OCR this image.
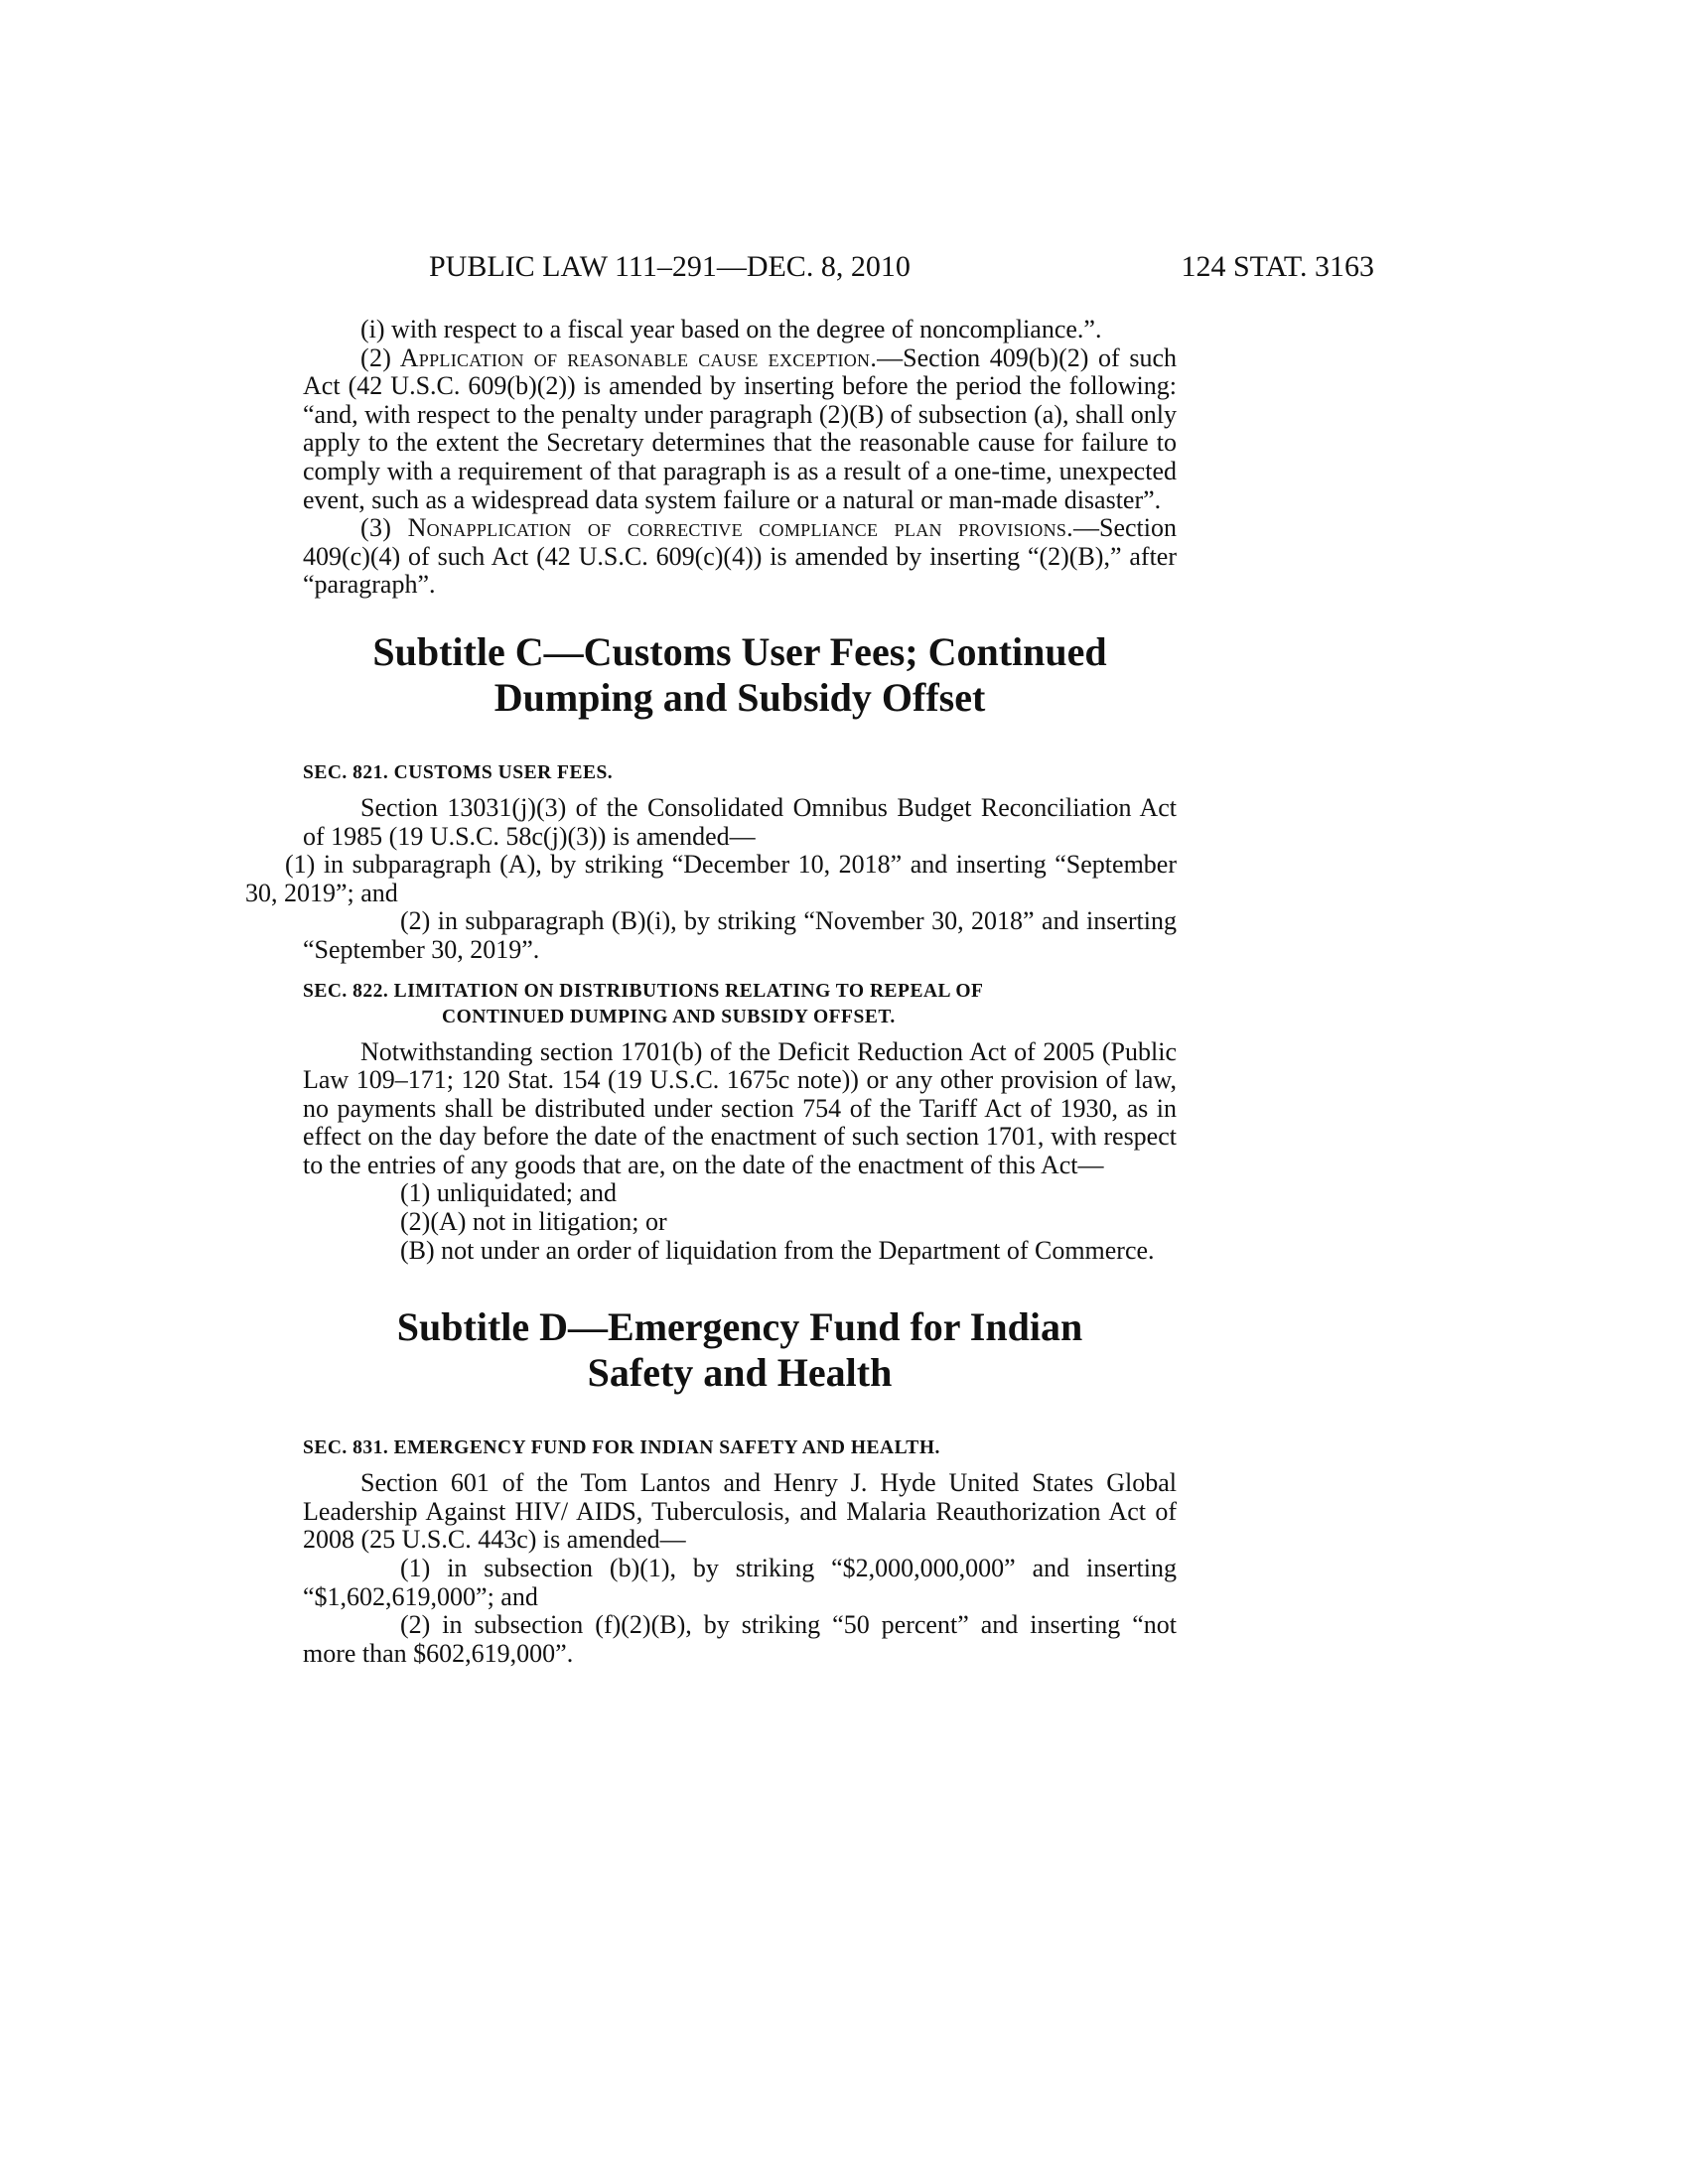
PUBLIC LAW 111–291—DEC. 8, 2010	124 STAT. 3163

(i) with respect to a fiscal year based on the degree of noncompliance.”.

(2) Application of reasonable cause exception.—Section 409(b)(2) of such Act (42 U.S.C. 609(b)(2)) is amended by inserting before the period the following: “and, with respect to the penalty under paragraph (2)(B) of subsection (a), shall only apply to the extent the Secretary determines that the reasonable cause for failure to comply with a requirement of that paragraph is as a result of a one-time, unexpected event, such as a widespread data system failure or a natural or man-made disaster”.

(3) Nonapplication of corrective compliance plan provisions.—Section 409(c)(4) of such Act (42 U.S.C. 609(c)(4)) is amended by inserting “(2)(B),” after “paragraph”.

Subtitle C—Customs User Fees; Continued

Dumping and Subsidy Offset

SEC. 821. CUSTOMS USER FEES.

Section 13031(j)(3) of the Consolidated Omnibus Budget Reconciliation Act of 1985 (19 U.S.C. 58c(j)(3)) is amended—

(1) in subparagraph (A), by striking “December 10, 2018” and inserting “September 30, 2019”; and

(2) in subparagraph (B)(i), by striking “November 30, 2018” and inserting “September 30, 2019”.

SEC. 822. LIMITATION ON DISTRIBUTIONS RELATING TO REPEAL OF
CONTINUED DUMPING AND SUBSIDY OFFSET.

Notwithstanding section 1701(b) of the Deficit Reduction Act of 2005 (Public Law 109–171; 120 Stat. 154 (19 U.S.C. 1675c note)) or any other provision of law, no payments shall be distributed under section 754 of the Tariff Act of 1930, as in effect on the day before the date of the enactment of such section 1701, with respect to the entries of any goods that are, on the date of the enactment of this Act—

(1) unliquidated; and

(2)(A) not in litigation; or

(B) not under an order of liquidation from the Department of Commerce.

Subtitle D—Emergency Fund for Indian

Safety and Health

SEC. 831. EMERGENCY FUND FOR INDIAN SAFETY AND HEALTH.

Section 601 of the Tom Lantos and Henry J. Hyde United States Global Leadership Against HIV/ AIDS, Tuberculosis, and Malaria Reauthorization Act of 2008 (25 U.S.C. 443c) is amended—

(1) in subsection (b)(1), by striking “$2,000,000,000” and inserting “$1,602,619,000”; and

(2) in subsection (f)(2)(B), by striking “50 percent” and inserting “not more than $602,619,000”.
